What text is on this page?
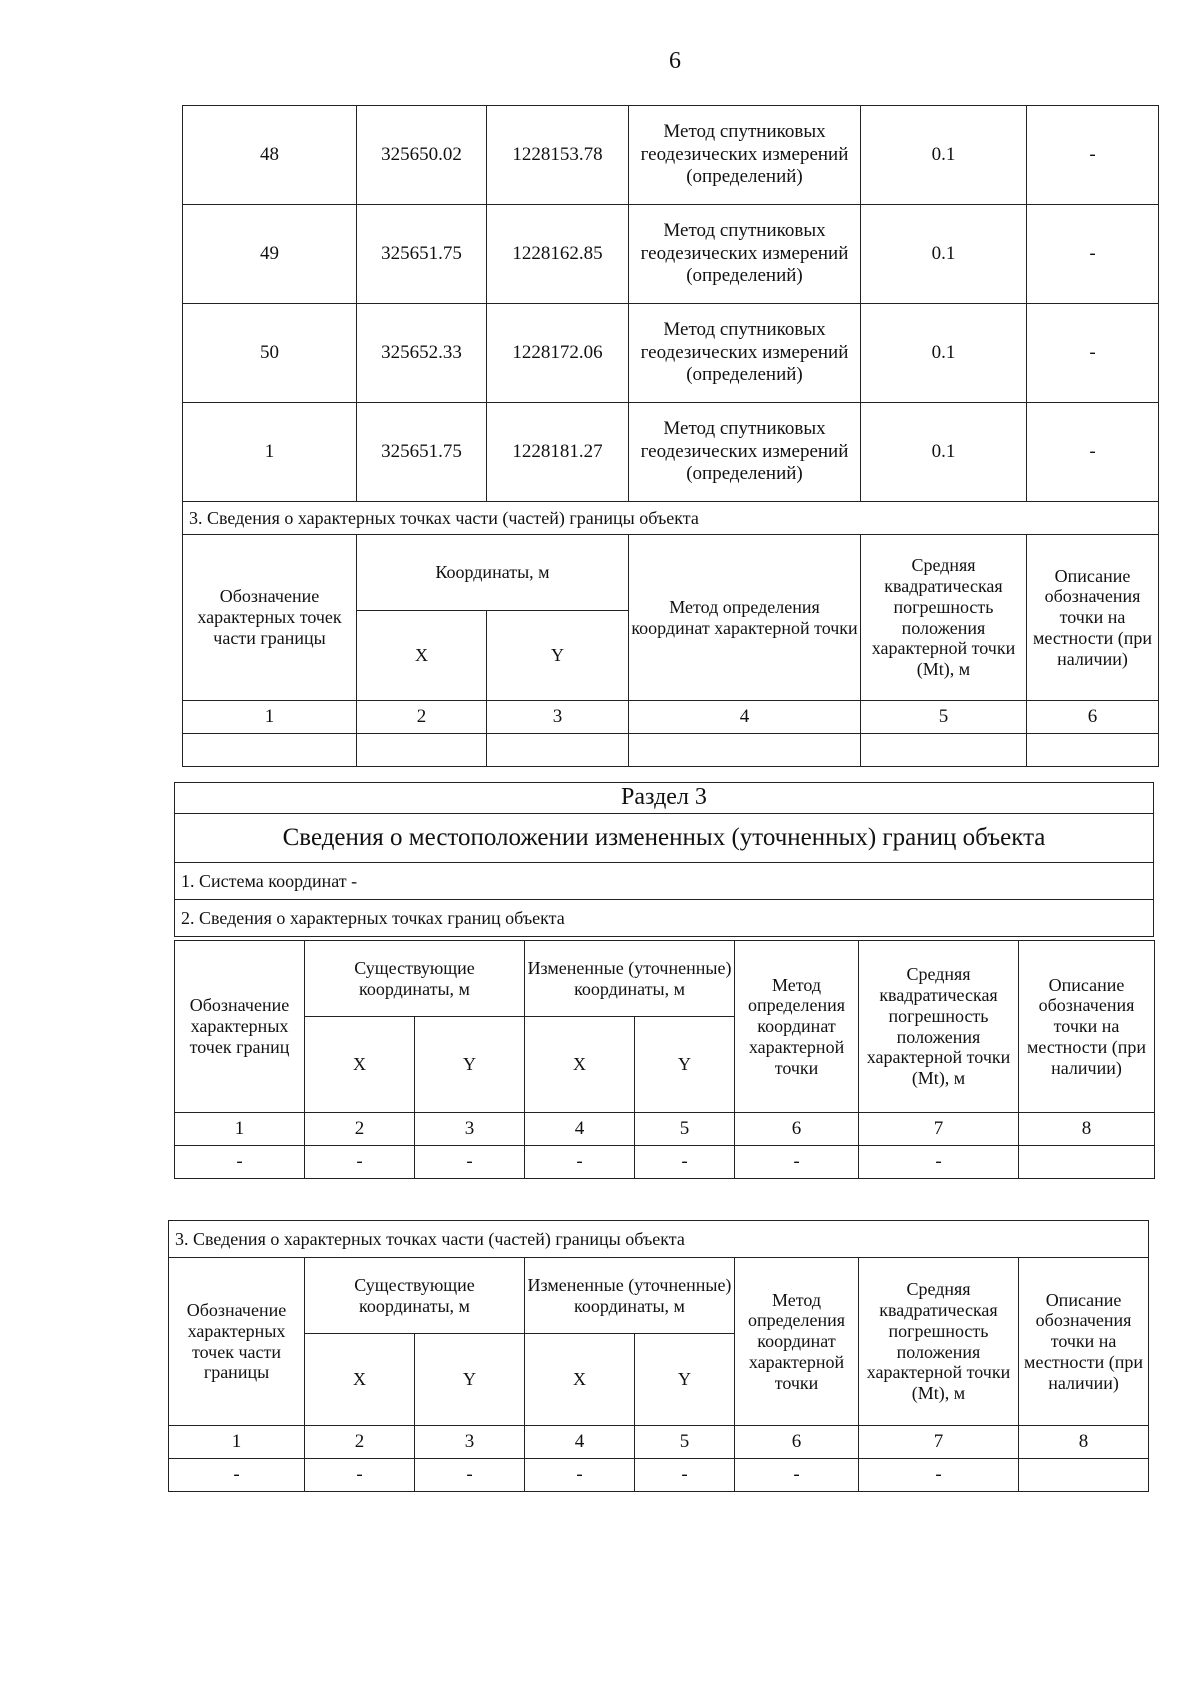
6
48	325650.02	1228153.78	Метод спутниковых геодезических измерений (определений)	0.1	-
49	325651.75	1228162.85	Метод спутниковых геодезических измерений (определений)	0.1	-
50	325652.33	1228172.06	Метод спутниковых геодезических измерений (определений)	0.1	-
1	325651.75	1228181.27	Метод спутниковых геодезических измерений (определений)	0.1	-
3. Сведения о характерных точках части (частей) границы объекта					
Обозначение характерных точек части границы	Координаты, м		Метод определения координат характерной точки	Средняя квадратическая погрешность положения характерной точки (Mt), м	Описание обозначения точки на местности (при наличии)
	X	Y			
1	2	3	4	5	6

Раздел 3
Сведения о местоположении измененных (уточненных) границ объекта
1. Система координат -
2. Сведения о характерных точках границ объекта
Обозначение характерных точек границ	Существующие координаты, м		Измененные (уточненные) координаты, м		Метод определения координат характерной точки	Средняя квадратическая погрешность положения характерной точки (Mt), м	Описание обозначения точки на местности (при наличии)
	X	Y	X	Y			
1	2	3	4	5	6	7	8
-	-	-	-	-	-	-	
3. Сведения о характерных точках части (частей) границы объекта							
Обозначение характерных точек части границы	Существующие координаты, м		Измененные (уточненные) координаты, м		Метод определения координат характерной точки	Средняя квадратическая погрешность положения характерной точки (Mt), м	Описание обозначения точки на местности (при наличии)
	X	Y	X	Y			
1	2	3	4	5	6	7	8
-	-	-	-	-	-	-	
